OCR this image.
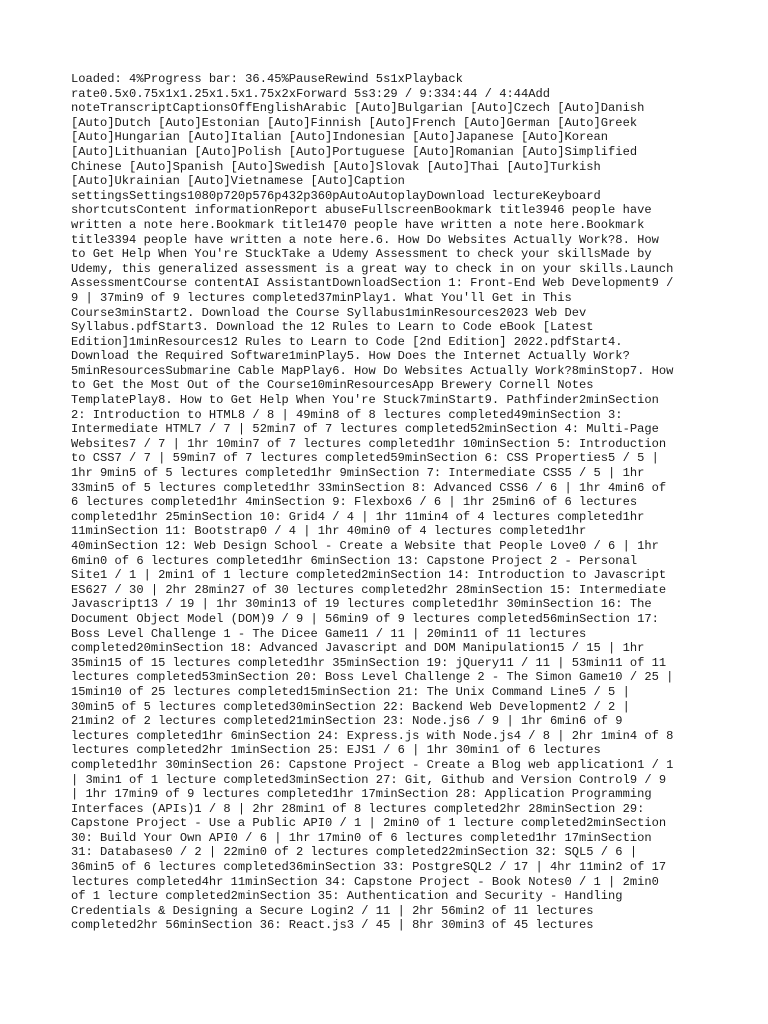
Loaded: 4%Progress bar: 36.45%PauseRewind 5s1xPlayback
rate0.5x0.75x1x1.25x1.5x1.75x2xForward 5s3:29 / 9:334:44 / 4:44Add
noteTranscriptCaptionsOffEnglishArabic [Auto]Bulgarian [Auto]Czech [Auto]Danish
[Auto]Dutch [Auto]Estonian [Auto]Finnish [Auto]French [Auto]German [Auto]Greek
[Auto]Hungarian [Auto]Italian [Auto]Indonesian [Auto]Japanese [Auto]Korean
[Auto]Lithuanian [Auto]Polish [Auto]Portuguese [Auto]Romanian [Auto]Simplified
Chinese [Auto]Spanish [Auto]Swedish [Auto]Slovak [Auto]Thai [Auto]Turkish
[Auto]Ukrainian [Auto]Vietnamese [Auto]Caption
settingsSettings1080p720p576p432p360pAutoAutoplayDownload lectureKeyboard
shortcutsContent informationReport abuseFullscreenBookmark title3946 people have
written a note here.Bookmark title1470 people have written a note here.Bookmark
title3394 people have written a note here.6. How Do Websites Actually Work?8. How
to Get Help When You're StuckTake a Udemy Assessment to check your skillsMade by
Udemy, this generalized assessment is a great way to check in on your skills.Launch
AssessmentCourse contentAI AssistantDownloadSection 1: Front-End Web Development9 /
9 | 37min9 of 9 lectures completed37minPlay1. What You'll Get in This
Course3minStart2. Download the Course Syllabus1minResources2023 Web Dev
Syllabus.pdfStart3. Download the 12 Rules to Learn to Code eBook [Latest
Edition]1minResources12 Rules to Learn to Code [2nd Edition] 2022.pdfStart4.
Download the Required Software1minPlay5. How Does the Internet Actually Work?
5minResourcesSubmarine Cable MapPlay6. How Do Websites Actually Work?8minStop7. How
to Get the Most Out of the Course10minResourcesApp Brewery Cornell Notes
TemplatePlay8. How to Get Help When You're Stuck7minStart9. Pathfinder2minSection
2: Introduction to HTML8 / 8 | 49min8 of 8 lectures completed49minSection 3:
Intermediate HTML7 / 7 | 52min7 of 7 lectures completed52minSection 4: Multi-Page
Websites7 / 7 | 1hr 10min7 of 7 lectures completed1hr 10minSection 5: Introduction
to CSS7 / 7 | 59min7 of 7 lectures completed59minSection 6: CSS Properties5 / 5 |
1hr 9min5 of 5 lectures completed1hr 9minSection 7: Intermediate CSS5 / 5 | 1hr
33min5 of 5 lectures completed1hr 33minSection 8: Advanced CSS6 / 6 | 1hr 4min6 of
6 lectures completed1hr 4minSection 9: Flexbox6 / 6 | 1hr 25min6 of 6 lectures
completed1hr 25minSection 10: Grid4 / 4 | 1hr 11min4 of 4 lectures completed1hr
11minSection 11: Bootstrap0 / 4 | 1hr 40min0 of 4 lectures completed1hr
40minSection 12: Web Design School - Create a Website that People Love0 / 6 | 1hr
6min0 of 6 lectures completed1hr 6minSection 13: Capstone Project 2 - Personal
Site1 / 1 | 2min1 of 1 lecture completed2minSection 14: Introduction to Javascript
ES627 / 30 | 2hr 28min27 of 30 lectures completed2hr 28minSection 15: Intermediate
Javascript13 / 19 | 1hr 30min13 of 19 lectures completed1hr 30minSection 16: The
Document Object Model (DOM)9 / 9 | 56min9 of 9 lectures completed56minSection 17:
Boss Level Challenge 1 - The Dicee Game11 / 11 | 20min11 of 11 lectures
completed20minSection 18: Advanced Javascript and DOM Manipulation15 / 15 | 1hr
35min15 of 15 lectures completed1hr 35minSection 19: jQuery11 / 11 | 53min11 of 11
lectures completed53minSection 20: Boss Level Challenge 2 - The Simon Game10 / 25 |
15min10 of 25 lectures completed15minSection 21: The Unix Command Line5 / 5 |
30min5 of 5 lectures completed30minSection 22: Backend Web Development2 / 2 |
21min2 of 2 lectures completed21minSection 23: Node.js6 / 9 | 1hr 6min6 of 9
lectures completed1hr 6minSection 24: Express.js with Node.js4 / 8 | 2hr 1min4 of 8
lectures completed2hr 1minSection 25: EJS1 / 6 | 1hr 30min1 of 6 lectures
completed1hr 30minSection 26: Capstone Project - Create a Blog web application1 / 1
| 3min1 of 1 lecture completed3minSection 27: Git, Github and Version Control9 / 9
| 1hr 17min9 of 9 lectures completed1hr 17minSection 28: Application Programming
Interfaces (APIs)1 / 8 | 2hr 28min1 of 8 lectures completed2hr 28minSection 29:
Capstone Project - Use a Public API0 / 1 | 2min0 of 1 lecture completed2minSection
30: Build Your Own API0 / 6 | 1hr 17min0 of 6 lectures completed1hr 17minSection
31: Databases0 / 2 | 22min0 of 2 lectures completed22minSection 32: SQL5 / 6 |
36min5 of 6 lectures completed36minSection 33: PostgreSQL2 / 17 | 4hr 11min2 of 17
lectures completed4hr 11minSection 34: Capstone Project - Book Notes0 / 1 | 2min0
of 1 lecture completed2minSection 35: Authentication and Security - Handling
Credentials & Designing a Secure Login2 / 11 | 2hr 56min2 of 11 lectures
completed2hr 56minSection 36: React.js3 / 45 | 8hr 30min3 of 45 lectures
